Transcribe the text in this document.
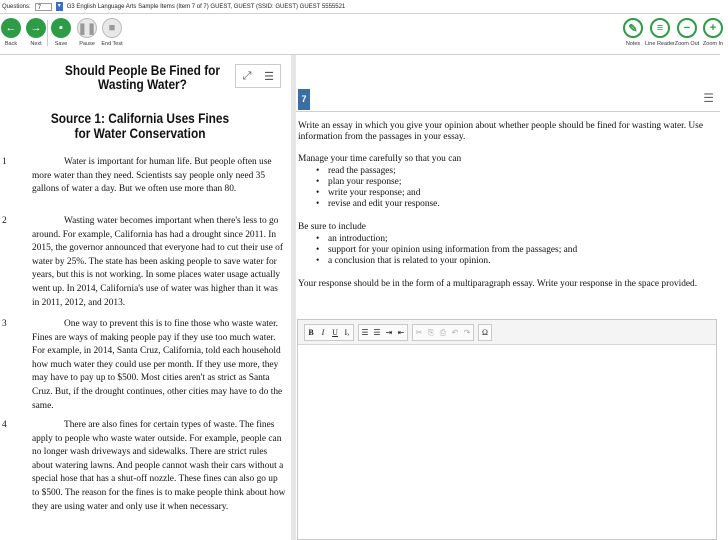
Questions:	7	▼ G3 English Language Arts Sample Items (Item 7 of 7) GUEST, GUEST (SSID: GUEST) GUEST 5555521
←
Back
→
Next
▪
Save
❚❚
Pause
■
End Test
✎
Notes
≡
Line Reader
−
Zoom Out
+
Zoom In
Should People Be Fined for Wasting Water?
⤢	☰
Source 1: California Uses Fines for Water Conservation
1	Water is important for human life. But people often use more water than they need. Scientists say people only need 35 gallons of water a day. But we often use more than 80.
2	Wasting water becomes important when there's less to go around. For example, California has had a drought since 2011. In 2015, the governor announced that everyone had to cut their use of water by 25%. The state has been asking people to save water for years, but this is not working. In some places water usage actually went up. In 2014, California's use of water was higher than it was in 2011, 2012, and 2013.
3	One way to prevent this is to fine those who waste water. Fines are ways of making people pay if they use too much water. For example, in 2014, Santa Cruz, California, told each household how much water they could use per month. If they use more, they may have to pay up to $500. Most cities aren't as strict as Santa Cruz. But, if the drought continues, other cities may have to do the same.
4	There are also fines for certain types of waste. The fines apply to people who waste water outside. For example, people can no longer wash driveways and sidewalks. There are strict rules about watering lawns. And people cannot wash their cars without a special hose that has a shut-off nozzle. These fines can also go up to $500. The reason for the fines is to make people think about how they are using water and only use it when necessary.
7	☰

Write an essay in which you give your opinion about whether people should be fined for wasting water. Use information from the passages in your essay.

Manage your time carefully so that you can

• read the passages;
• plan your response;
• write your response; and
• revise and edit your response.

Be sure to include

• an introduction;
• support for your opinion using information from the passages; and
• a conclusion that is related to your opinion.

Your response should be in the form of a multiparagraph essay. Write your response in the space provided.

B I U Iₓ	☰ ☰ ⇥ ⇤	✂ ⎘ ⎙ ↶ ↷	Ω
